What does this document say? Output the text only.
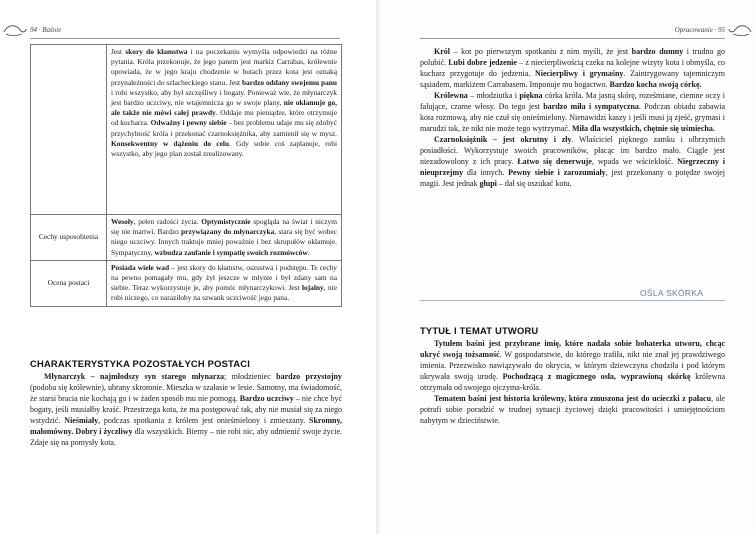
94 · Baśnie	Opracowanie · 95
	Jest skory do kłamstwa i na poczekaniu wymyśla odpowiedzi na różne pytania. Króla przekonuje, że jego panem jest markiz Carrabas, królewnie opowiada, że w jego kraju chodzenie w butach przez kota jest oznaką przynależności do szlacheckiego stanu. Jest bardzo oddany swojemu panu i robi wszystko, aby był szczęśliwy i bogaty. Ponieważ wie, że młynarczyk jest bardzo uczciwy, nie wtajemnicza go w swoje plany, nie okłamuje go, ale także nie mówi całej prawdy. Oddaje mu pieniądze, które otrzymuje od kucharza. Odważny i pewny siebie – bez problemu udaje mu się zdobyć przychylność króla i przekonać czarnoksiężnika, aby zamienił się w mysz. Konsekwentny w dążeniu do celu. Gdy sobie coś zaplanuje, robi wszystko, aby jego plan został zrealizowany.
Cechy usposobienia	Wesoły, pełen radości życia. Optymistycznie spogląda na świat i niczym się nie martwi. Bardzo przywiązany do młynarczyka, stara się być wobec niego uczciwy. Innych traktuje mniej poważnie i bez skrupułów okłamuje. Sympatyczny, wzbudza zaufanie i sympatię swoich rozmówców.
Ocena postaci	Posiada wiele wad – jest skory do kłamstw, oszustwa i podstępu. Te cechy na pewno pomagały mu, gdy żył jeszcze w młynie i był zdany sam na siebie. Teraz wykorzystuje je, aby pomóc młynarczykowi. Jest lojalny, nie robi niczego, co naraziłoby na szwank uczciwość jego pana.
CHARAKTERYSTYKA POZOSTAŁYCH POSTACI

Młynarczyk – najmłodszy syn starego młynarza; młodzieniec bardzo przystojny (podoba się królewnie), ubrany skromnie. Mieszka w szałasie w lesie. Samotny, ma świadomość, że starsi bracia nie kochają go i w żaden sposób mu nie pomogą. Bardzo uczciwy – nie chce być bogaty, jeśli musiałby kraść. Przestrzega kota, że ma postępować tak, aby nie musiał się za niego wstydzić. Nieśmiały, podczas spotkania z królem jest onieśmielony i zmieszany. Skromny, małomówny. Dobry i życzliwy dla wszystkich. Bierny – nie robi nic, aby odmienić swoje życie. Zdaje się na pomysły kota.

Król – kot po pierwszym spotkaniu z nim myśli, że jest bardzo dumny i trudno go polubić. Lubi dobre jedzenie – z niecierpliwością czeka na kolejne wizyty kota i obmyśla, co kucharz przygotuje do jedzenia. Niecierpliwy i grymaśny. Zaintrygowany tajemniczym sąsiadem, markizem Carrabasem. Imponuje mu bogactwo. Bardzo kocha swoją córkę.

Królewna – młodziutka i piękna córka króla. Ma jasną skórę, roześmiane, ciemne oczy i falujące, czarne włosy. Do tego jest bardzo miła i sympatyczna. Podczas obiadu zabawia kota rozmową, aby nie czuł się onieśmielony. Nienawidzi kaszy i jeśli musi ją zjeść, grymasi i marudzi tak, że nikt nie może tego wytrzymać. Miła dla wszystkich, chętnie się uśmiecha.

Czarnoksiężnik – jest okrutny i zły. Właściciel pięknego zamku i olbrzymich posiadłości. Wykorzystuje swoich pracowników, płacąc im bardzo mało. Ciągle jest niezadowolony z ich pracy. Łatwo się denerwuje, wpada we wściekłość. Niegrzeczny i nieuprzejmy dla innych. Pewny siebie i zarozumiały, jest przekonany o potędze swojej magii. Jest jednak głupi – dał się oszukać kotu.

OŚLA SKÓRKA
TYTUŁ I TEMAT UTWORU

Tytułem baśni jest przybrane imię, które nadała sobie bohaterka utworu, chcąc ukryć swoją tożsamość. W gospodarstwie, do którego trafiła, nikt nie znał jej prawdziwego imienia. Przezwisko nawiązywało do okrycia, w którym dziewczyna chodziła i pod którym ukrywała swoją urodę. Pochodzącą z magicznego osła, wyprawioną skórkę królewna otrzymała od swojego ojczyma-króla.

Tematem baśni jest historia królewny, która zmuszona jest do ucieczki z pałacu, ale potrafi sobie poradzić w trudnej sytuacji życiowej dzięki pracowitości i umiejętnościom nabytym w dzieciństwie.
